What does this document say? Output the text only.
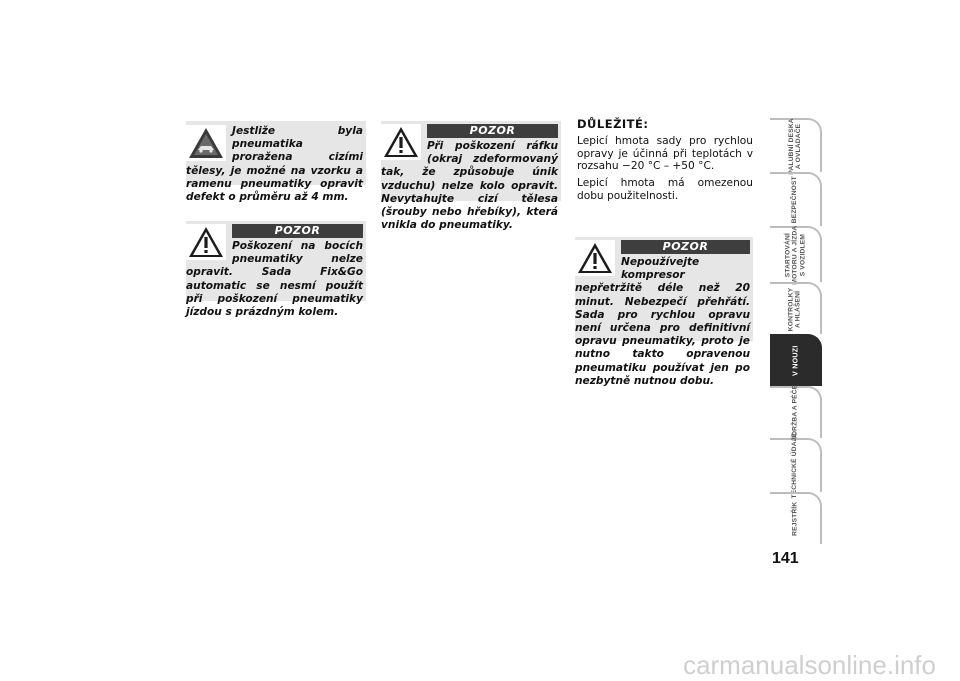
Jestliže byla pneumatika proražena cizími tělesy, je možné na vzorku a ramenu pneumatiky opravit defekt o průměru až 4 mm.

POZOR

Poškození na bocích pneumatiky nelze opravit. Sada Fix&Go automatic se nesmí použít při poškození pneumatiky jízdou s prázdným kolem.

POZOR

Při poškození ráfku (okraj zdeformovaný tak, že způsobuje únik vzduchu) nelze kolo opravit. Nevytahujte cizí tělesa (šrouby nebo hřebíky), která vnikla do pneumatiky.

DŮLEŽITÉ:

Lepicí hmota sady pro rychlou opravy je účinná při teplotách v rozsahu −20 °C – +50 °C.

Lepicí hmota má omezenou dobu použitelnosti.

POZOR

Nepoužívejte kompresor nepřetržitě déle než 20 minut. Nebezpečí přehřátí. Sada pro rychlou opravu není určena pro definitivní opravu pneumatiky, proto je nutno takto opravenou pneumatiku používat jen po nezbytně nutnou dobu.

PALUBNÍ DESKA
A OVLADAČE
BEZPEČNOST
STARTOVÁNÍ
MOTORU A JÍZDA
S VOZIDLEM
KONTROLKY
A HLÁŠENÍ
V NOUZI
ÚDRŽBA A PÉČE
TECHNICKÉ ÚDAJE
REJSTŘÍK
141
carmanualsonline.info
